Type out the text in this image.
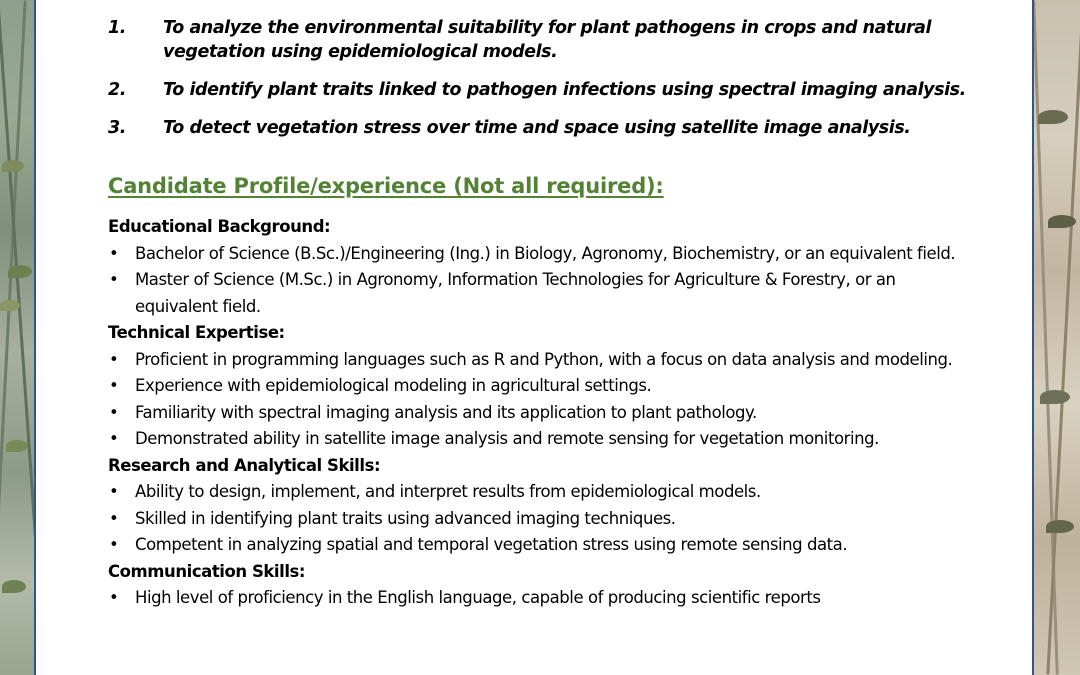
1. To analyze the environmental suitability for plant pathogens in crops and natural vegetation using epidemiological models.
2. To identify plant traits linked to pathogen infections using spectral imaging analysis.
3. To detect vegetation stress over time and space using satellite image analysis.
Candidate Profile/experience (Not all required):

Educational Background:

• Bachelor of Science (B.Sc.)/Engineering (Ing.) in Biology, Agronomy, Biochemistry, or an equivalent field.
• Master of Science (M.Sc.) in Agronomy, Information Technologies for Agriculture & Forestry, or an equivalent field.

Technical Expertise:

• Proficient in programming languages such as R and Python, with a focus on data analysis and modeling.
• Experience with epidemiological modeling in agricultural settings.
• Familiarity with spectral imaging analysis and its application to plant pathology.
• Demonstrated ability in satellite image analysis and remote sensing for vegetation monitoring.

Research and Analytical Skills:

• Ability to design, implement, and interpret results from epidemiological models.
• Skilled in identifying plant traits using advanced imaging techniques.
• Competent in analyzing spatial and temporal vegetation stress using remote sensing data.

Communication Skills:

• High level of proficiency in the English language, capable of producing scientific reports
